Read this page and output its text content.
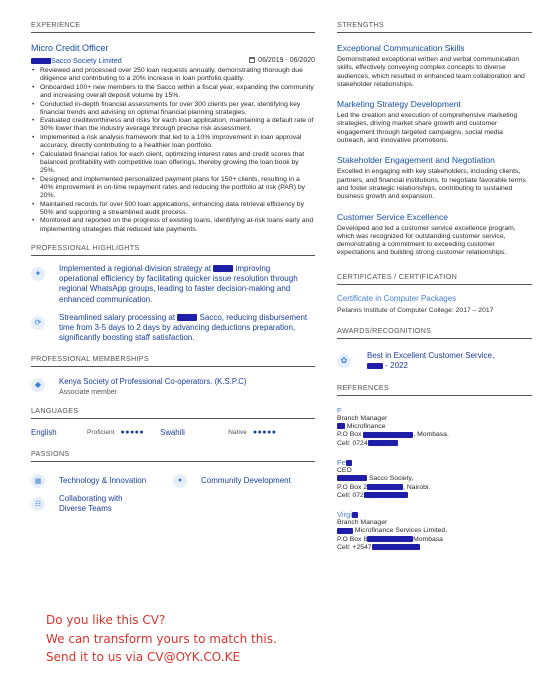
EXPERIENCE
Micro Credit Officer
Sacco Society Limited	06/2019 - 06/2020
• Reviewed and processed over 250 loan requests annually, demonstrating thorough due diligence and contributing to a 20% increase in loan portfolio quality.
• Onboarded 100+ new members to the Sacco within a fiscal year, expanding the community and increasing overall deposit volume by 15%.
• Conducted in-depth financial assessments for over 300 clients per year, identifying key financial trends and advising on optimal financial planning strategies.
• Evaluated creditworthiness and risks for each loan application, maintaining a default rate of 30% lower than the industry average through precise risk assessment.
• Implemented a risk analysis framework that led to a 10% improvement in loan approval accuracy, directly contributing to a healthier loan portfolio.
• Calculated financial ratios for each client, optimizing interest rates and credit scores that balanced profitability with competitive loan offerings, thereby growing the loan book by 25%.
• Designed and implemented personalized payment plans for 150+ clients, resulting in a 40% improvement in on-time repayment rates and reducing the portfolio at risk (PAR) by 20%.
• Maintained records for over 500 loan applications, enhancing data retrieval efficiency by 50% and supporting a streamlined audit process.
• Monitored and reported on the progress of existing loans, identifying at-risk loans early and implementing strategies that reduced late payments.
PROFESSIONAL HIGHLIGHTS
✦
Implemented a regional division strategy at	improving operational efficiency by facilitating quicker issue resolution through regional WhatsApp groups, leading to faster decision-making and enhanced communication.
⟳
Streamlined salary processing at	Sacco, reducing disbursement time from 3-5 days to 2 days by advancing deductions preparation, significantly boosting staff satisfaction.
PROFESSIONAL MEMBERSHIPS
◆	Kenya Society of Professional Co-operators. (K.S.P.C)
Associate member
LANGUAGES
English	Proficient ●●●●● Swahili	Native ●●●●●
PASSIONS
▦	Technology & Innovation	●	Community Development
☷
Collaborating with Diverse Teams
STRENGTHS
Exceptional Communication Skills
Demonstrated exceptional written and verbal communication skills, effectively conveying complex concepts to diverse audiences, which resulted in enhanced team collaboration and stakeholder relationships.
Marketing Strategy Development
Led the creation and execution of comprehensive marketing strategies, driving market share growth and customer engagement through targeted campaigns, social media outreach, and innovative promotions.
Stakeholder Engagement and Negotiation
Excelled in engaging with key stakeholders, including clients, partners, and financial institutions, to negotiate favorable terms and foster strategic relationships, contributing to sustained business growth and expansion.
Customer Service Excellence
Developed and led a customer service excellence program, which was recognized for outstanding customer service, demonstrating a commitment to exceeding customer expectations and building strong customer relationships.
CERTIFICATES / CERTIFICATION
Certificate in Computer Packages
Petanns Institute of Computer College: 2017 – 2017
AWARDS/RECOGNITIONS
✿
Best in Excellent Customer Service,
- 2022
REFERENCES
F
Branch Manager
Microfinance
P.O Box	, Mombasa.
Cell: 0724
Fe
CEO
Sacco Society,
P.O Box 2	, Nairobi.
Cell: 072
Virgi
Branch Manager
Microfinance Services Limited.
P.O Box 8	Mombasa
Cell: +2547
Do you like this CV?
We can transform yours to match this.
Send it to us via CV@OYK.CO.KE
